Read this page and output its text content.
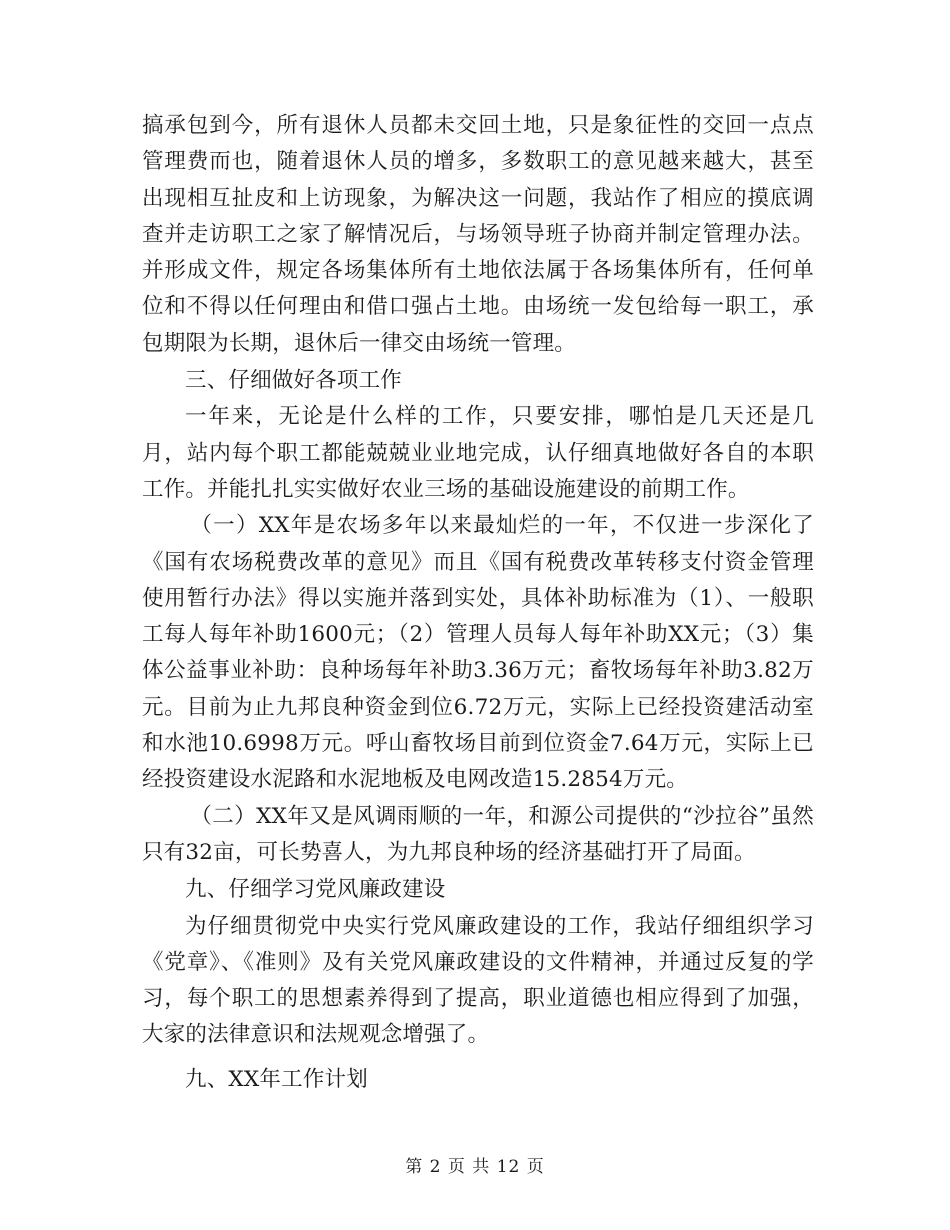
搞承包到今，所有退休人员都未交回土地，只是象征性的交回一点点管理费而也，随着退休人员的增多，多数职工的意见越来越大，甚至出现相互扯皮和上访现象，为解决这一问题，我站作了相应的摸底调查并走访职工之家了解情况后，与场领导班子协商并制定管理办法。并形成文件，规定各场集体所有土地依法属于各场集体所有，任何单位和不得以任何理由和借口强占土地。由场统一发包给每一职工，承包期限为长期，退休后一律交由场统一管理。

三、仔细做好各项工作

一年来，无论是什么样的工作，只要安排，哪怕是几天还是几月，站内每个职工都能兢兢业业地完成，认仔细真地做好各自的本职工作。并能扎扎实实做好农业三场的基础设施建设的前期工作。

（一）XX年是农场多年以来最灿烂的一年，不仅进一步深化了《国有农场税费改革的意见》而且《国有税费改革转移支付资金管理使用暂行办法》得以实施并落到实处，具体补助标准为（1）、一般职工每人每年补助1600元；（2）管理人员每人每年补助XX元；（3）集体公益事业补助：良种场每年补助3.36万元；畜牧场每年补助3.82万元。目前为止九邦良种资金到位6.72万元，实际上已经投资建活动室和水池10.6998万元。呼山畜牧场目前到位资金7.64万元，实际上已经投资建设水泥路和水泥地板及电网改造15.2854万元。

（二）XX年又是风调雨顺的一年，和源公司提供的“沙拉谷”虽然只有32亩，可长势喜人，为九邦良种场的经济基础打开了局面。

九、仔细学习党风廉政建设

为仔细贯彻党中央实行党风廉政建设的工作，我站仔细组织学习《党章》、《准则》及有关党风廉政建设的文件精神，并通过反复的学习，每个职工的思想素养得到了提高，职业道德也相应得到了加强，大家的法律意识和法规观念增强了。

九、XX年工作计划

第 2 页 共 12 页
